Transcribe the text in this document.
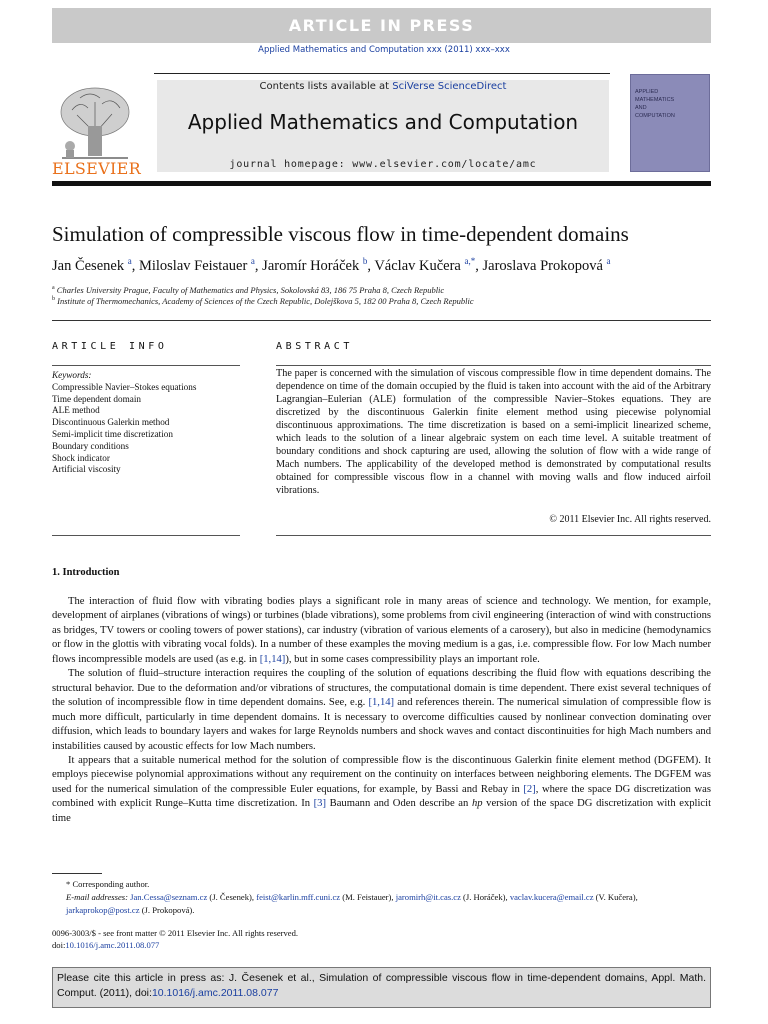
ARTICLE IN PRESS
Applied Mathematics and Computation xxx (2011) xxx–xxx
ELSEVIER
Contents lists available at SciVerse ScienceDirect
Applied Mathematics and Computation
journal homepage: www.elsevier.com/locate/amc
APPLIED
MATHEMATICS
AND
COMPUTATION
Simulation of compressible viscous flow in time-dependent domains
Jan Česenek $^a$, Miloslav Feistauer $^a$, Jaromír Horáček $^b$, Václav Kučera $^{a,*}$, Jaroslava Prokopová $^a$
$^a$ Charles University Prague, Faculty of Mathematics and Physics, Sokolovská 83, 186 75 Praha 8, Czech Republic
$^b$ Institute of Thermomechanics, Academy of Sciences of the Czech Republic, Dolejškova 5, 182 00 Praha 8, Czech Republic
ARTICLE INFO	ABSTRACT
Keywords:
Compressible Navier–Stokes equations
Time dependent domain
ALE method
Discontinuous Galerkin method
Semi-implicit time discretization
Boundary conditions
Shock indicator
Artificial viscosity
The paper is concerned with the simulation of viscous compressible flow in time dependent domains. The dependence on time of the domain occupied by the fluid is taken into account with the aid of the Arbitrary Lagrangian–Eulerian (ALE) formulation of the compressible Navier–Stokes equations. They are discretized by the discontinuous Galerkin finite element method using piecewise polynomial discontinuous approximations. The time discretization is based on a semi-implicit linearized scheme, which leads to the solution of a linear algebraic system on each time level. A suitable treatment of boundary conditions and shock capturing are used, allowing the solution of flow with a wide range of Mach numbers. The applicability of the developed method is demonstrated by computational results obtained for compressible viscous flow in a channel with moving walls and flow induced airfoil vibrations.
© 2011 Elsevier Inc. All rights reserved.
1. Introduction

The interaction of fluid flow with vibrating bodies plays a significant role in many areas of science and technology. We mention, for example, development of airplanes (vibrations of wings) or turbines (blade vibrations), some problems from civil engineering (interaction of wind with constructions as bridges, TV towers or cooling towers of power stations), car industry (vibration of various elements of a carosery), but also in medicine (hemodynamics or flow in the glottis with vibrating vocal folds). In a number of these examples the moving medium is a gas, i.e. compressible flow. For low Mach number flows incompressible models are used (as e.g. in [1,14]), but in some cases compressibility plays an important role.

The solution of fluid–structure interaction requires the coupling of the solution of equations describing the fluid flow with equations describing the structural behavior. Due to the deformation and/or vibrations of structures, the computational domain is time dependent. There exist several techniques of the solution of incompressible flow in time dependent domains. See, e.g. [1,14] and references therein. The numerical simulation of compressible flow is much more difficult, particularly in time dependent domains. It is necessary to overcome difficulties caused by nonlinear convection dominating over diffusion, which leads to boundary layers and wakes for large Reynolds numbers and shock waves and contact discontinuities for high Mach numbers and instabilities caused by acoustic effects for low Mach numbers.

It appears that a suitable numerical method for the solution of compressible flow is the discontinuous Galerkin finite element method (DGFEM). It employs piecewise polynomial approximations without any requirement on the continuity on interfaces between neighboring elements. The DGFEM was used for the numerical simulation of the compressible Euler equations, for example, by Bassi and Rebay in [2], where the space DG discretization was combined with explicit Runge–Kutta time discretization. In [3] Baumann and Oden describe an hp version of the space DG discretization with explicit time

* Corresponding author.
E-mail addresses: Jan.Cessa@seznam.cz (J. Česenek), feist@karlin.mff.cuni.cz (M. Feistauer), jaromirh@it.cas.cz (J. Horáček), vaclav.kucera@email.cz (V. Kučera), jarkaprokop@post.cz (J. Prokopová).
0096-3003/$ - see front matter © 2011 Elsevier Inc. All rights reserved.
doi:10.1016/j.amc.2011.08.077
Please cite this article in press as: J. Česenek et al., Simulation of compressible viscous flow in time-dependent domains, Appl. Math. Comput. (2011), doi:10.1016/j.amc.2011.08.077
